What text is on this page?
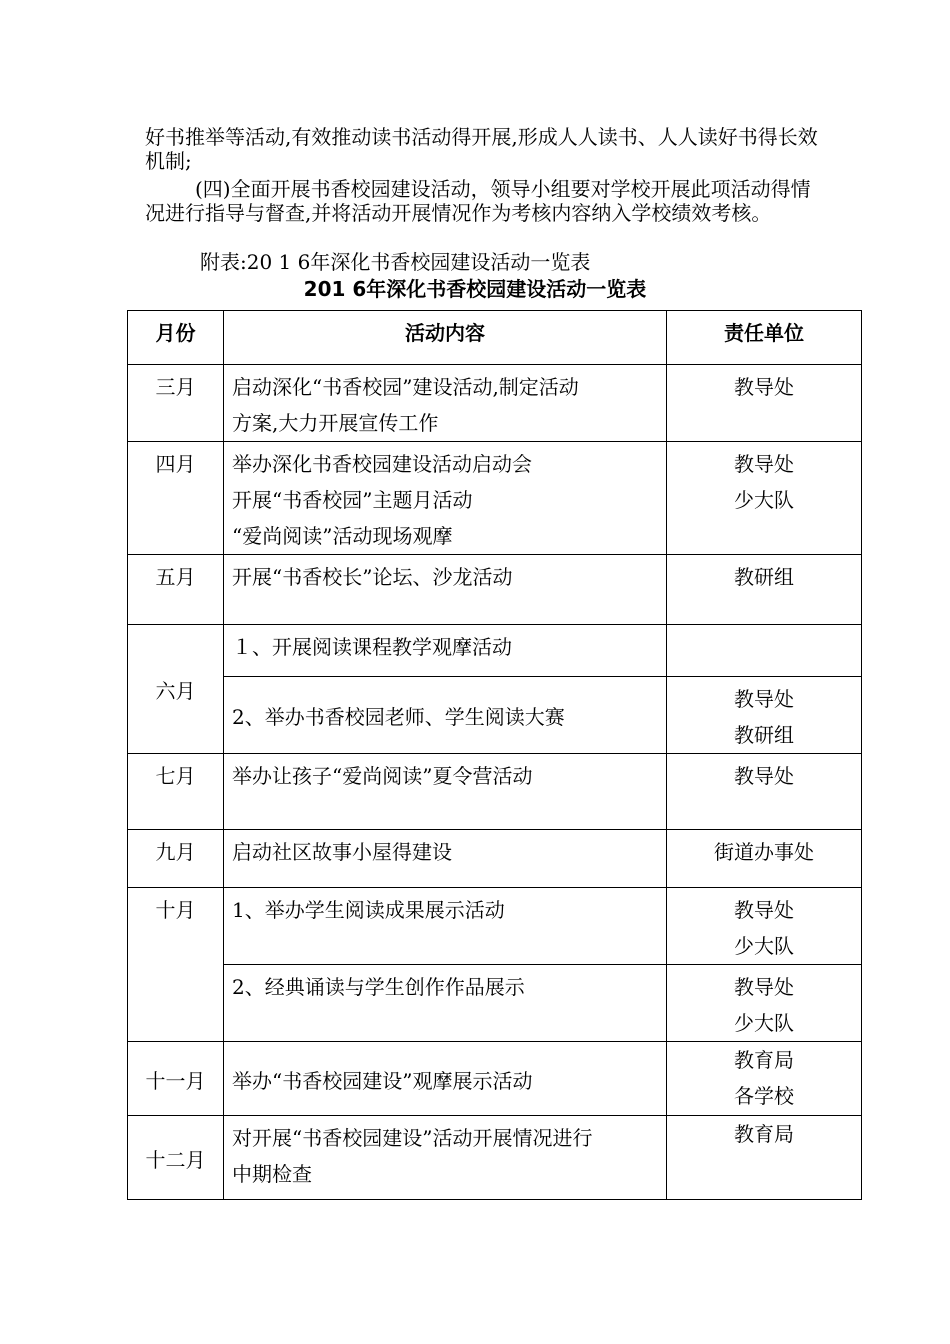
好书推举等活动,有效推动读书活动得开展,形成人人读书、人人读好书得长效机制;

(四)全面开展书香校园建设活动，领导小组要对学校开展此项活动得情况进行指导与督查,并将活动开展情况作为考核内容纳入学校绩效考核。

附表:20 1 6年深化书香校园建设活动一览表

201 6年深化书香校园建设活动一览表

月份	活动内容	责任单位
三月	启动深化“书香校园”建设活动,制定活动
方案,大力开展宣传工作	教导处

四月	举办深化书香校园建设活动启动会
开展“书香校园”主题月活动
“爱尚阅读”活动现场观摩	教导处
少大队

五月	开展“书香校长”论坛、沙龙活动	教研组

六月	１、开展阅读课程教学观摩活动	

	2、举办书香校园老师、学生阅读大赛	教导处
教研组

七月	举办让孩子“爱尚阅读”夏令营活动	教导处

九月	启动社区故事小屋得建设	街道办事处

十月	1、举办学生阅读成果展示活动	教导处
少大队

	2、经典诵读与学生创作作品展示	教导处
少大队

十一月	举办“书香校园建设”观摩展示活动	教育局
各学校

十二月	对开展“书香校园建设”活动开展情况进行
中期检查	教育局
